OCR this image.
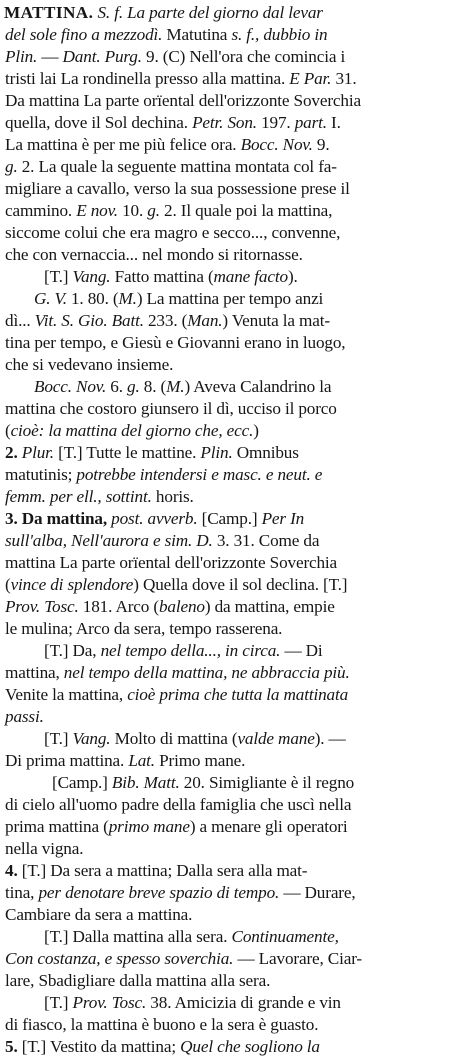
MATTINA. S. f. La parte del giorno dal levar
del sole fino a mezzodì. Matutina s. f., dubbio in
Plin. — Dant. Purg. 9. (C) Nell'ora che comincia i
tristi lai La rondinella presso alla mattina. E Par. 31.
Da mattina La parte orïental dell'orizzonte Soverchia
quella, dove il Sol dechina. Petr. Son. 197. part. I.
La mattina è per me più felice ora. Bocc. Nov. 9.
g. 2. La quale la seguente mattina montata col fa-
migliare a cavallo, verso la sua possessione prese il
cammino. E nov. 10. g. 2. Il quale poi la mattina,
siccome colui che era magro e secco..., convenne,
che con vernaccia... nel mondo si ritornasse.
[T.] Vang. Fatto mattina (mane facto).
G. V. 1. 80. (M.) La mattina per tempo anzi
dì... Vit. S. Gio. Batt. 233. (Man.) Venuta la mat-
tina per tempo, e Giesù e Giovanni erano in luogo,
che si vedevano insieme.
Bocc. Nov. 6. g. 8. (M.) Aveva Calandrino la
mattina che costoro giunsero il dì, ucciso il porco
(cioè: la mattina del giorno che, ecc.)
2. Plur. [T.] Tutte le mattine. Plin. Omnibus
matutinis; potrebbe intendersi e masc. e neut. e
femm. per ell., sottint. horis.
3. Da mattina, post. avverb. [Camp.] Per In
sull'alba, Nell'aurora e sim. D. 3. 31. Come da
mattina La parte orïental dell'orizzonte Soverchia
(vince di splendore) Quella dove il sol declina. [T.]
Prov. Tosc. 181. Arco (baleno) da mattina, empie
le mulina; Arco da sera, tempo rasserena.
[T.] Da, nel tempo della..., in circa. — Di
mattina, nel tempo della mattina, ne abbraccia più.
Venite la mattina, cioè prima che tutta la mattinata
passi.
[T.] Vang. Molto di mattina (valde mane). —
Di prima mattina. Lat. Primo mane.
[Camp.] Bib. Matt. 20. Simigliante è il regno
di cielo all'uomo padre della famiglia che uscì nella
prima mattina (primo mane) a menare gli operatori
nella vigna.
4. [T.] Da sera a mattina; Dalla sera alla mat-
tina, per denotare breve spazio di tempo. — Durare,
Cambiare da sera a mattina.
[T.] Dalla mattina alla sera. Continuamente,
Con costanza, e spesso soverchia. — Lavorare, Ciar-
lare, Sbadigliare dalla mattina alla sera.
[T.] Prov. Tosc. 38. Amicizia di grande e vin
di fiasco, la mattina è buono e la sera è guasto.
5. [T.] Vestito da mattina; Quel che sogliono la
